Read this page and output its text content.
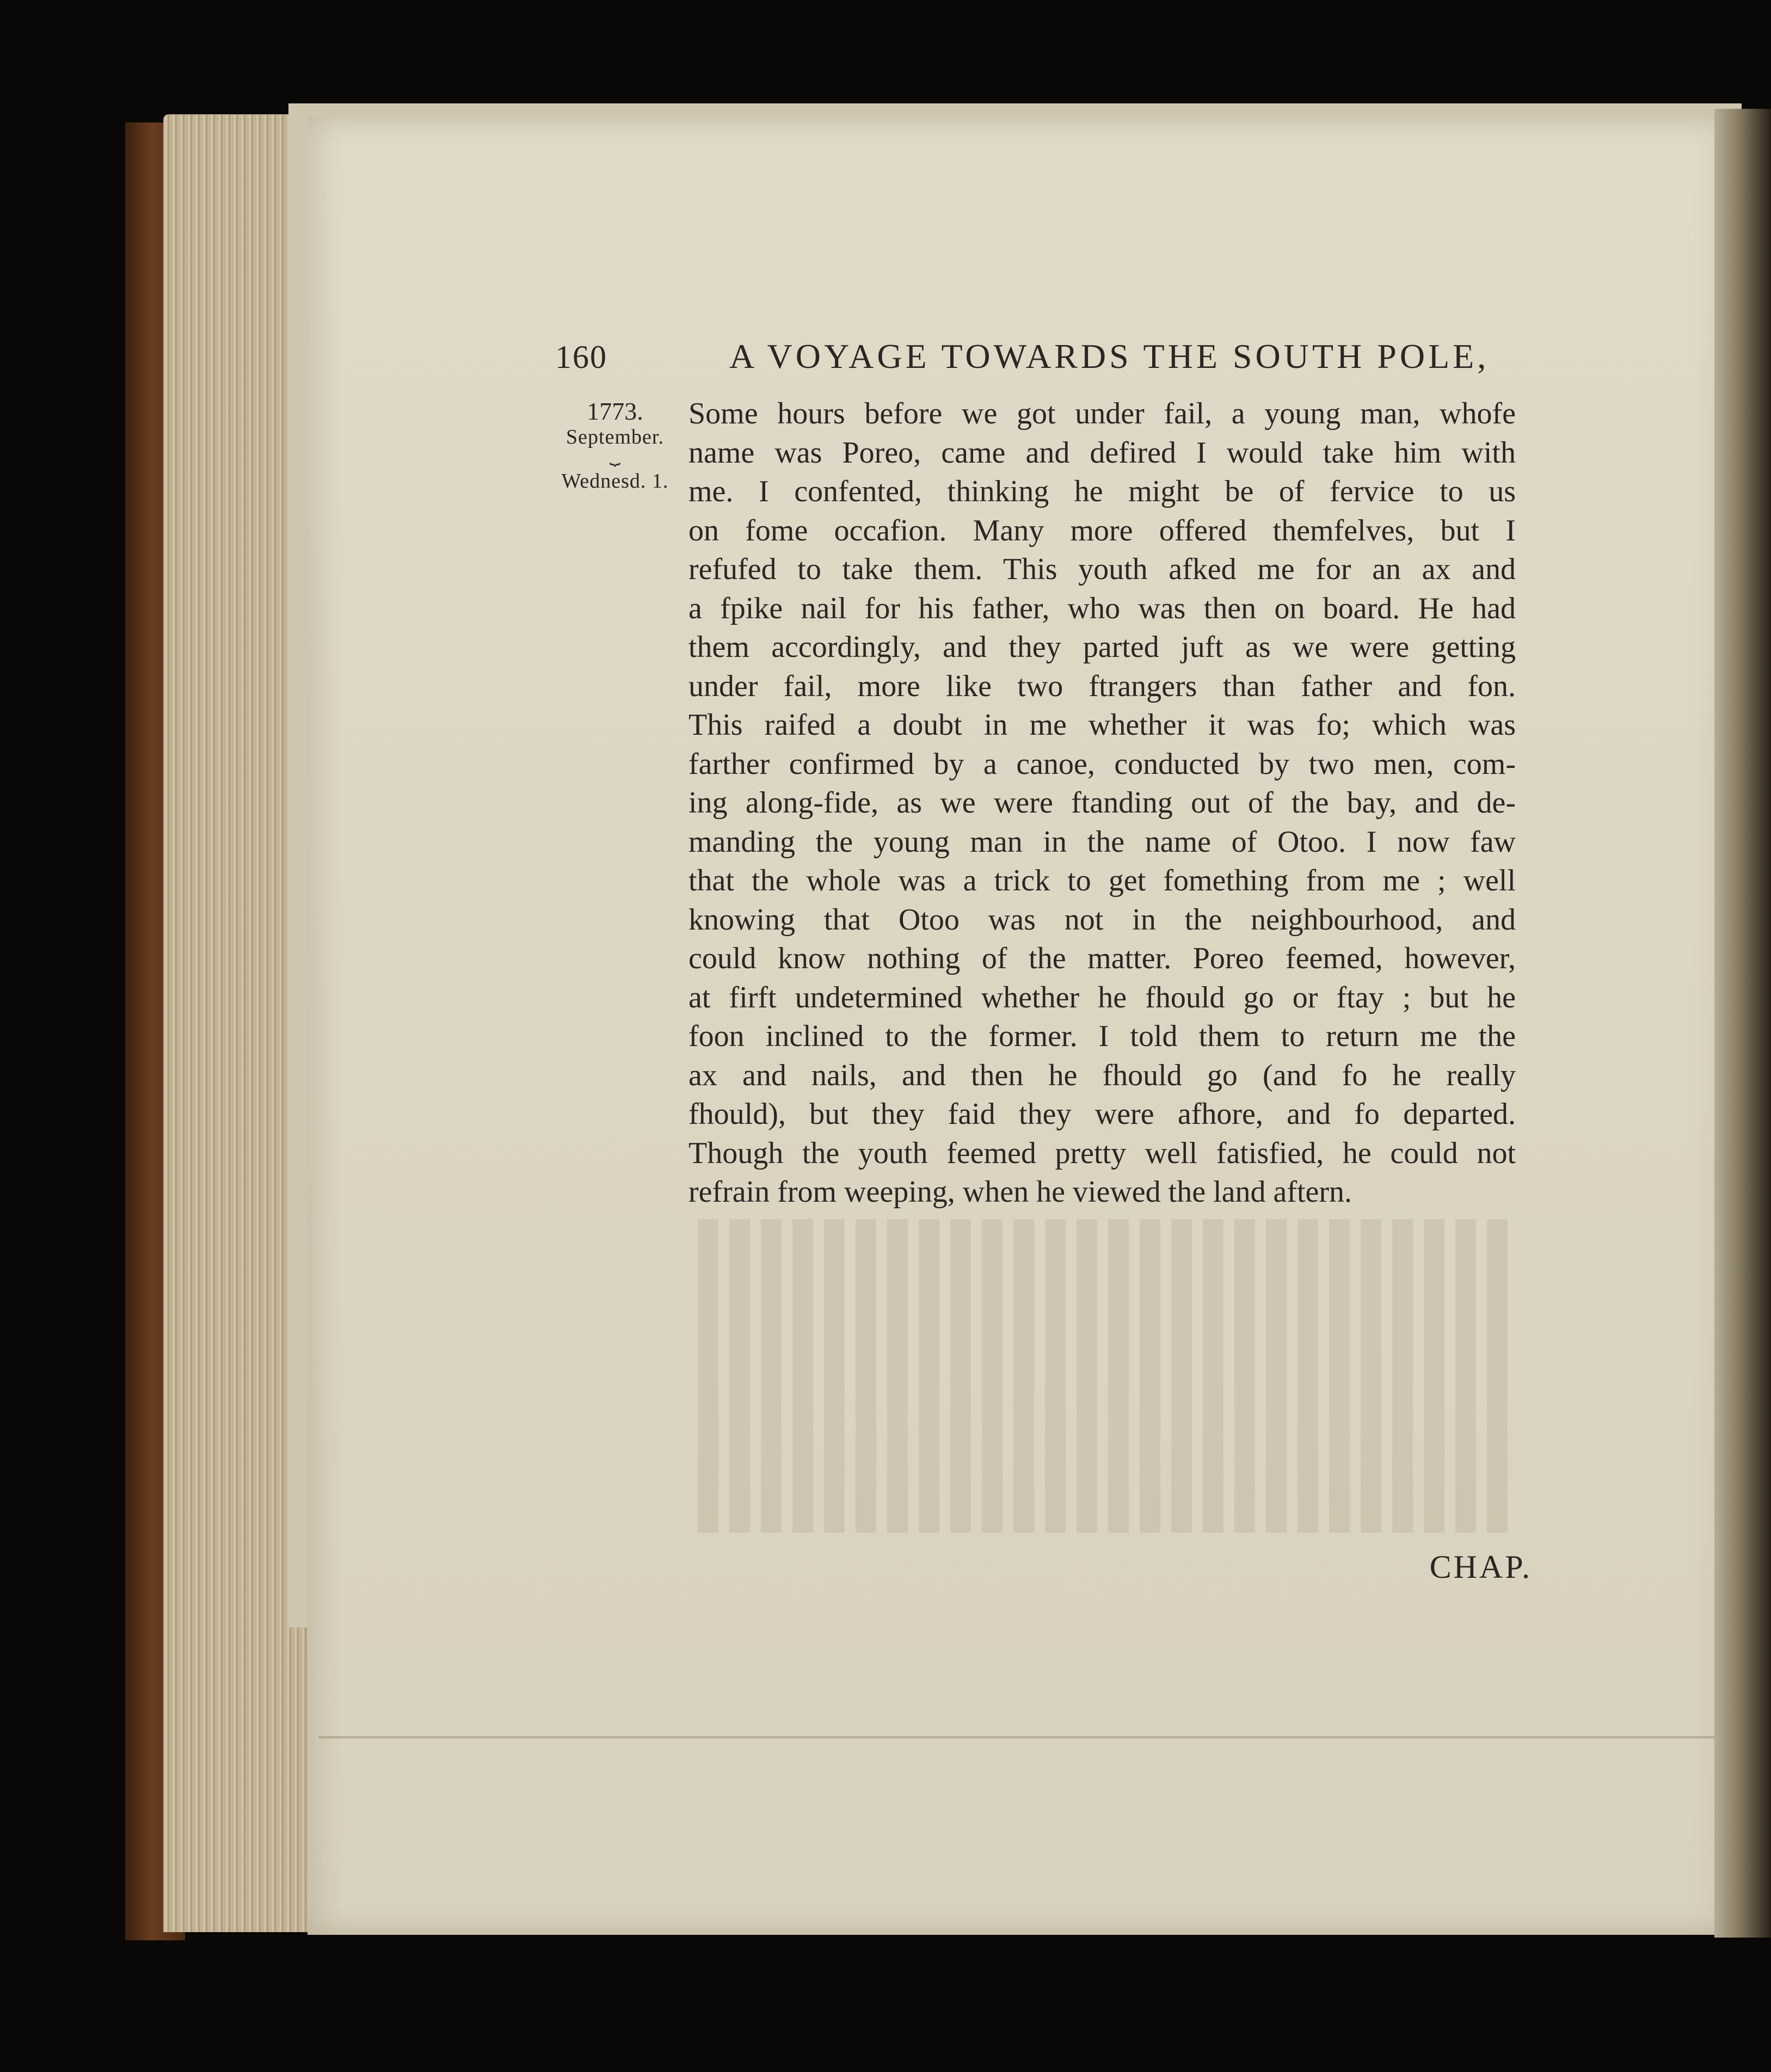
160	A VOYAGE TOWARDS THE SOUTH POLE,
1773.
September.
⏟
Wednesd. 1.
Some hours before we got under fail, a young man, whofe
name was Poreo, came and defired I would take him with
me. I confented, thinking he might be of fervice to us
on fome occafion. Many more offered themfelves, but I
refufed to take them. This youth afked me for an ax and
a fpike nail for his father, who was then on board. He had
them accordingly, and they parted juft as we were getting
under fail, more like two ftrangers than father and fon.
This raifed a doubt in me whether it was fo; which was
farther confirmed by a canoe, conducted by two men, com-
ing along-fide, as we were ftanding out of the bay, and de-
manding the young man in the name of Otoo. I now faw
that the whole was a trick to get fomething from me ; well
knowing that Otoo was not in the neighbourhood, and
could know nothing of the matter. Poreo feemed, however,
at firft undetermined whether he fhould go or ftay ; but he
foon inclined to the former. I told them to return me the
ax and nails, and then he fhould go (and fo he really
fhould), but they faid they were afhore, and fo departed.
Though the youth feemed pretty well fatisfied, he could not
refrain from weeping, when he viewed the land aftern.
CHAP.
